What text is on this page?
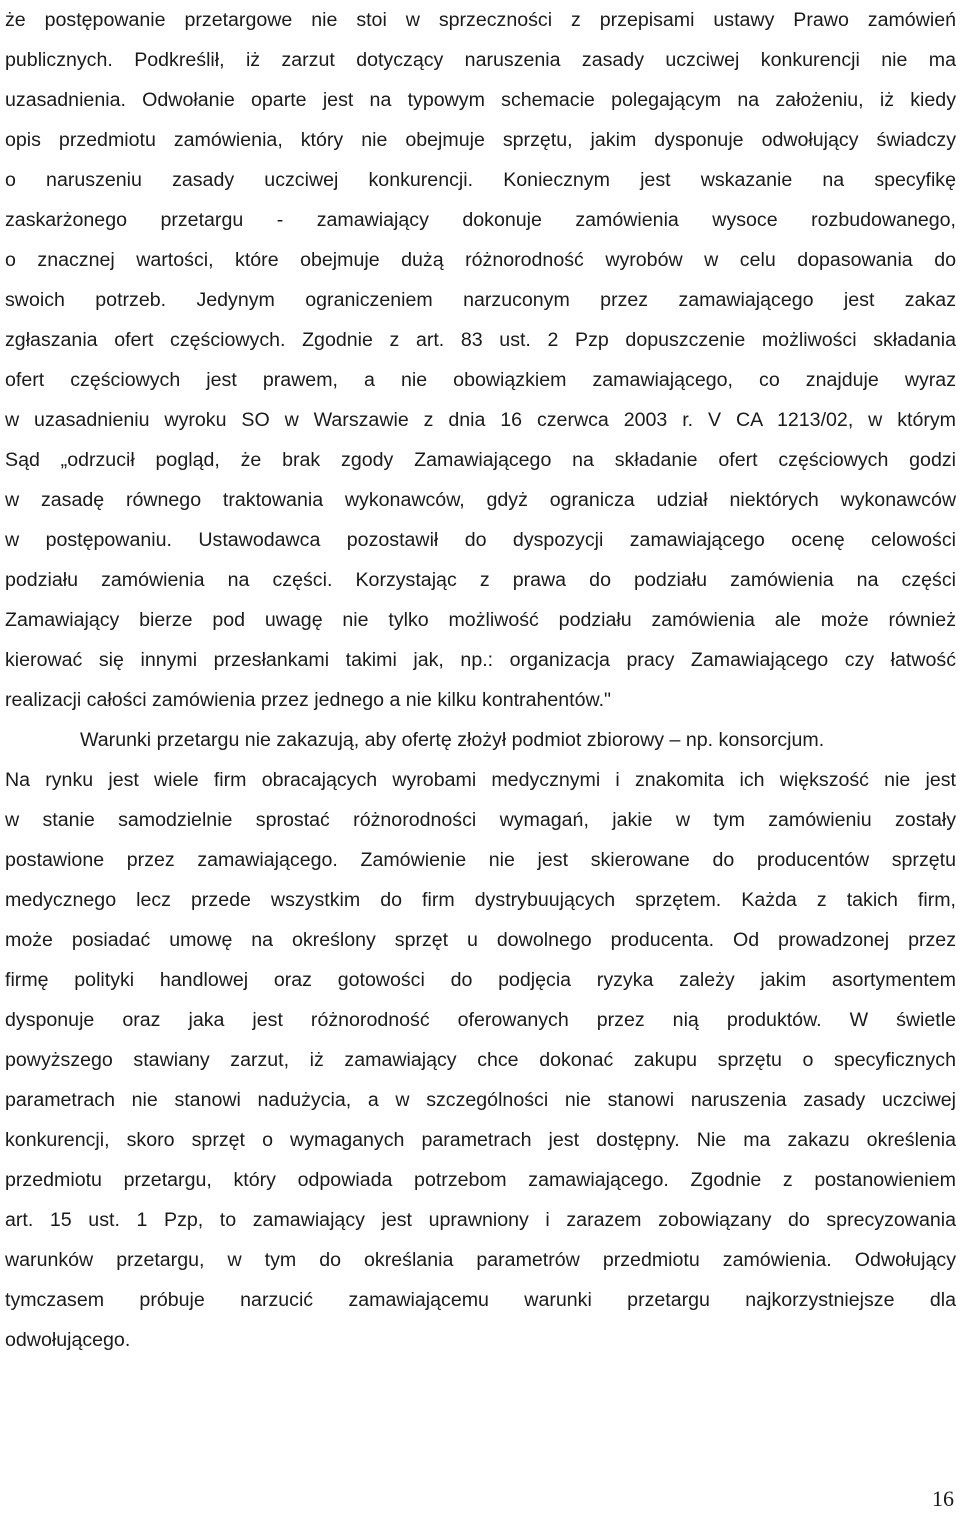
że postępowanie przetargowe nie stoi w sprzeczności z przepisami ustawy Prawo zamówień
publicznych. Podkreślił, iż zarzut dotyczący naruszenia zasady uczciwej konkurencji nie ma
uzasadnienia. Odwołanie oparte jest na typowym schemacie polegającym na założeniu, iż kiedy
opis przedmiotu zamówienia, który nie obejmuje sprzętu, jakim dysponuje odwołujący świadczy
o naruszeniu zasady uczciwej konkurencji. Koniecznym jest wskazanie na specyfikę
zaskarżonego przetargu - zamawiający dokonuje zamówienia wysoce rozbudowanego,
o znacznej wartości, które obejmuje dużą różnorodność wyrobów w celu dopasowania do
swoich potrzeb. Jedynym ograniczeniem narzuconym przez zamawiającego jest zakaz
zgłaszania ofert częściowych. Zgodnie z art. 83 ust. 2 Pzp dopuszczenie możliwości składania
ofert częściowych jest prawem, a nie obowiązkiem zamawiającego, co znajduje wyraz
w uzasadnieniu wyroku SO w Warszawie z dnia 16 czerwca 2003 r. V CA 1213/02, w którym
Sąd „odrzucił pogląd, że brak zgody Zamawiającego na składanie ofert częściowych godzi
w zasadę równego traktowania wykonawców, gdyż ogranicza udział niektórych wykonawców
w postępowaniu. Ustawodawca pozostawił do dyspozycji zamawiającego ocenę celowości
podziału zamówienia na części. Korzystając z prawa do podziału zamówienia na części
Zamawiający bierze pod uwagę nie tylko możliwość podziału zamówienia ale może również
kierować się innymi przesłankami takimi jak, np.: organizacja pracy Zamawiającego czy łatwość
realizacji całości zamówienia przez jednego a nie kilku kontrahentów."
Warunki przetargu nie zakazują, aby ofertę złożył podmiot zbiorowy – np. konsorcjum.
Na rynku jest wiele firm obracających wyrobami medycznymi i znakomita ich większość nie jest
w stanie samodzielnie sprostać różnorodności wymagań, jakie w tym zamówieniu zostały
postawione przez zamawiającego. Zamówienie nie jest skierowane do producentów sprzętu
medycznego lecz przede wszystkim do firm dystrybuujących sprzętem. Każda z takich firm,
może posiadać umowę na określony sprzęt u dowolnego producenta. Od prowadzonej przez
firmę polityki handlowej oraz gotowości do podjęcia ryzyka zależy jakim asortymentem
dysponuje oraz jaka jest różnorodność oferowanych przez nią produktów. W świetle
powyższego stawiany zarzut, iż zamawiający chce dokonać zakupu sprzętu o specyficznych
parametrach nie stanowi nadużycia, a w szczególności nie stanowi naruszenia zasady uczciwej
konkurencji, skoro sprzęt o wymaganych parametrach jest dostępny. Nie ma zakazu określenia
przedmiotu przetargu, który odpowiada potrzebom zamawiającego. Zgodnie z postanowieniem
art. 15 ust. 1 Pzp, to zamawiający jest uprawniony i zarazem zobowiązany do sprecyzowania
warunków przetargu, w tym do określania parametrów przedmiotu zamówienia. Odwołujący
tymczasem próbuje narzucić zamawiającemu warunki przetargu najkorzystniejsze dla
odwołującego.
16
